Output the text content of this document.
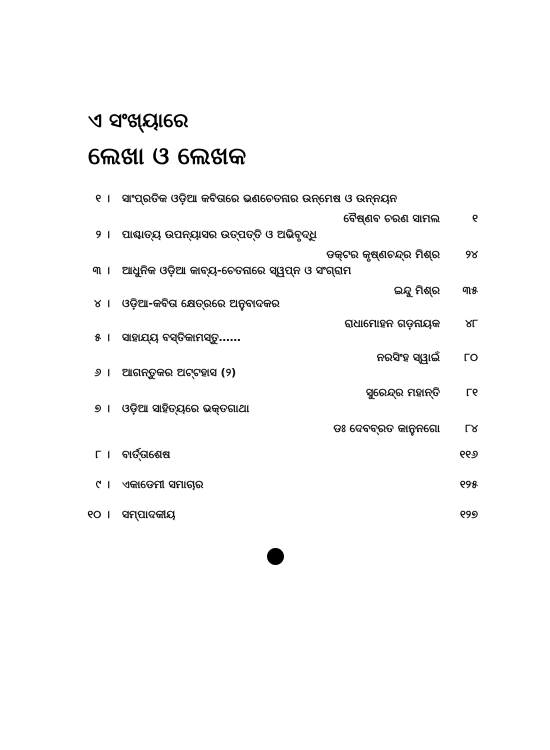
ଏ ସଂଖ୍ୟାରେ
ଲେଖା ଓ ଲେଖକ
୧ । ସାଂପ୍ରତିକ ଓଡ଼ିଆ କବିତାରେ ଭଣଚେତନାର ଉନ୍ମେଷ ଓ ଉନ୍ନୟନ
ବୈଷ୍ଣବ ଚରଣ ସାମଲ	୧
୨ । ପାଶ୍ଚାତ୍ୟ ଉପନ୍ୟାସର ଉତ୍ପତ୍ତି ଓ ଅଭିବୃଦ୍ଧି
ଡକ୍ଟର କୃଷ୍ଣଚନ୍ଦ୍ର ମିଶ୍ର	୨୪
୩ । ଆଧୁନିକ ଓଡ଼ିଆ କାବ୍ୟ-ଚେତନାରେ ସ୍ୱପ୍ନ ଓ ସଂଗ୍ରାମ
ଇନ୍ଦୁ ମିଶ୍ର	୩୫
୪ । ଓଡ଼ିଆ-କବିତା କ୍ଷେତ୍ରରେ ଅନୁବାଦକର
ରାଧାମୋହନ ଗଡ଼ନାୟକ	୪୮
୫ । ସାହାଯ୍ୟ ବସ୍ତିକାମସ୍ତୁ……
ନରସିଂହ ସ୍ୱାଇଁ	୮୦
୬ । ଆଗନ୍ତୁକର ଅଟ୍ଟହାସ (୨)
ସୁରେନ୍ଦ୍ର ମହାନ୍ତି	୮୧
୭ । ଓଡ଼ିଆ ସାହିତ୍ୟରେ ଭକ୍ତଗାଥା
ଡଃ ଦେବବ୍ରତ କାନୁନଗୋ	୮୪
୮ । ବାର୍ତ୍ତାଶେଷ	୧୧୬
୯ । ଏକାଡେମୀ ସମାଚାର	୧୨୫
୧୦ । ସମ୍ପାଦକୀୟ	୧୨୭
